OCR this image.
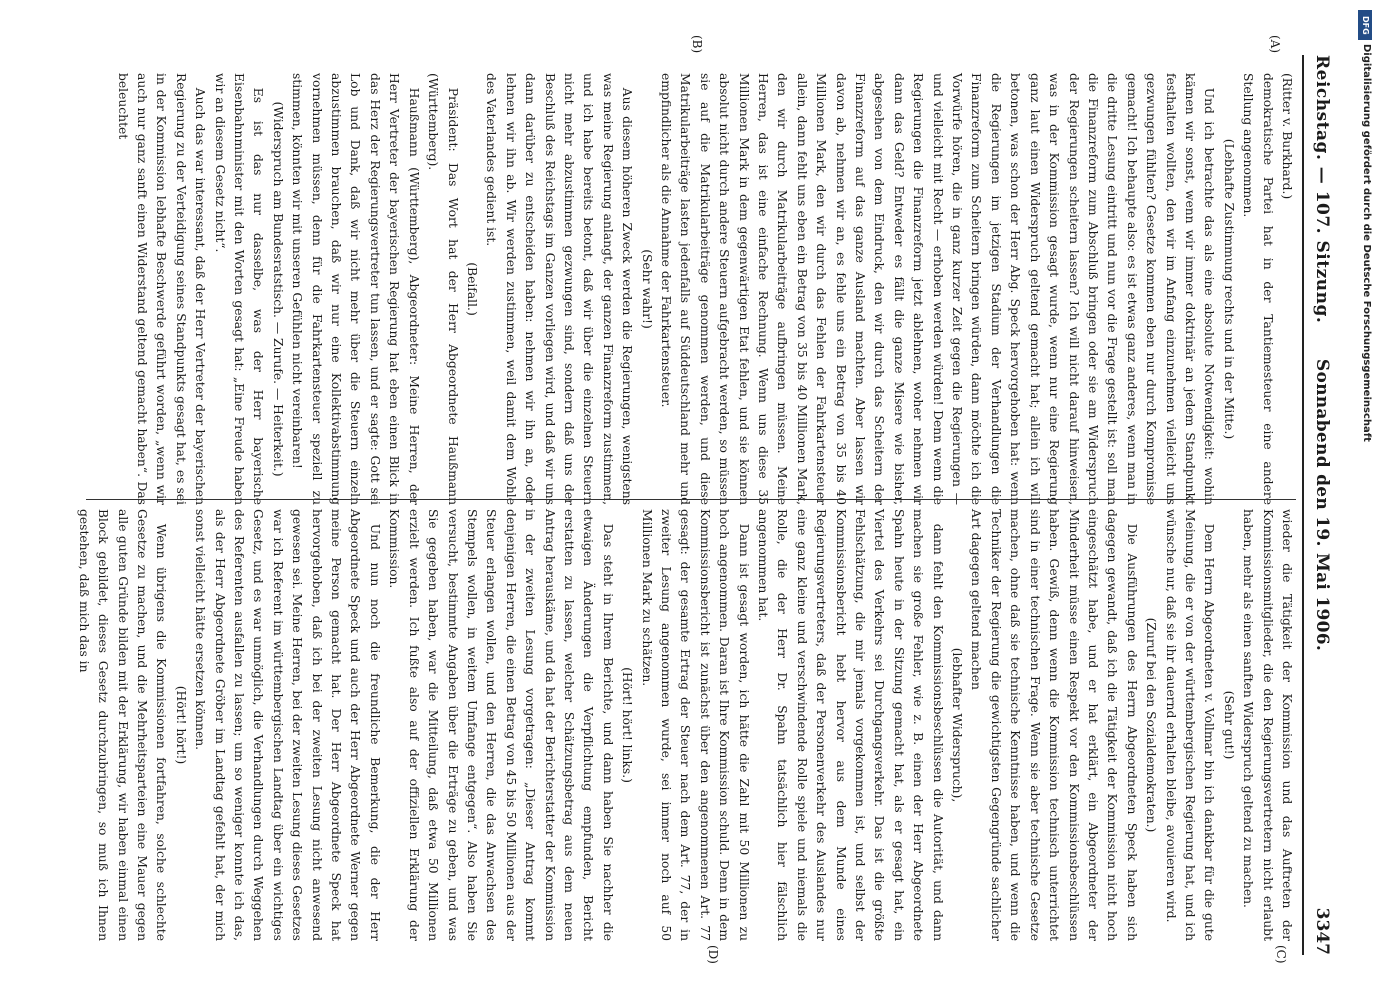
Reichstag. — 107. Sitzung.
Sonnabend den 19. Mai 1906.
3347
(A)
(B)
(C)
(D)

(Ritter v. Burkhard.)

demokratische Partei hat in der Tantiemesteuer eine andere Stellung angenommen.

(Lebhafte Zustimmung rechts und in der Mitte.)

Und ich betrachte das als eine absolute Notwendigkeit: wohin kämen wir sonst, wenn wir immer doktrinär an jedem Standpunkt festhalten wollten, den wir im Anfang einzunehmen vielleicht uns gezwungen fühlten? Gesetze kommen eben nur durch Kompromisse gemacht! Ich behaupte also: es ist etwas ganz anderes, wenn man in die dritte Lesung eintritt und nun vor die Frage gestellt ist: soll man die Finanzreform zum Abschluß bringen oder sie am Widerspruch der Regierungen scheitern lassen? Ich will nicht darauf hinweisen, was in der Kommission gesagt wurde, wenn nur eine Regierung ganz laut einen Widerspruch geltend gemacht hat; allein ich will betonen, was schon der Herr Abg. Speck hervorgehoben hat: wenn die Regierungen im jetzigen Stadium der Verhandlungen die Finanzreform zum Scheitern bringen würden, dann möchte ich die Vorwürfe hören, die in ganz kurzer Zeit gegen die Regierungen — und vielleicht mit Recht — erhoben werden würden! Denn wenn die Regierungen die Finanzreform jetzt ablehnen, woher nehmen wir dann das Geld? Entweder es fällt die ganze Misere wie bisher, abgesehen von dem Eindruck, den wir durch das Scheitern der Finanzreform auf das ganze Ausland machten. Aber lassen wir davon ab, nehmen wir an, es fehle uns ein Betrag von 35 bis 40 Millionen Mark, den wir durch das Fehlen der Fahrkartensteuer allein, dann fehlt uns eben ein Betrag von 35 bis 40 Millionen Mark, den wir durch Matrikularbeiträge aufbringen müssen. Meine Herren, das ist eine einfache Rechnung. Wenn uns diese 35 Millionen Mark in dem gegenwärtigen Etat fehlen, und sie können absolut nicht durch andere Steuern aufgebracht werden, so müssen sie auf die Matrikularbeiträge genommen werden, und diese Matrikularbeiträge lasten jedenfalls auf Süddeutschland mehr und empfindlicher als die Annahme der Fahrkartensteuer.

(Sehr wahr!)

Aus diesem höheren Zweck werden die Regierungen, wenigstens was meine Regierung anlangt, der ganzen Finanzreform zustimmen, und ich habe bereits betont, daß wir über die einzelnen Steuern nicht mehr abzustimmen gezwungen sind, sondern daß uns der Beschluß des Reichstags im Ganzen vorliegen wird, und daß wir uns dann darüber zu entscheiden haben: nehmen wir ihn an, oder lehnen wir ihn ab. Wir werden zustimmen, weil damit dem Wohle des Vaterlandes gedient ist.

(Beifall.)

Präsident: Das Wort hat der Herr Abgeordnete Haußmann (Württemberg).

Haußmann (Württemberg), Abgeordneter: Meine Herren, der Herr Vertreter der bayerischen Regierung hat eben einen Blick in das Herz der Regierungsvertreter tun lassen, und er sagte: Gott sei Lob und Dank, daß wir nicht mehr über die Steuern einzeln abzustimmen brauchen, daß wir nur eine Kollektivabstimmung vornehmen müssen, denn für die Fahrkartensteuer speziell zu stimmen, könnten wir mit unseren Gefühlen nicht vereinbaren!

(Widerspruch am Bundesratstisch. — Zurufe. — Heiterkeit.)

Es ist das nur dasselbe, was der Herr bayerische Eisenbahnminister mit den Worten gesagt hat: „Eine Freude haben wir an diesem Gesetz nicht“.

Auch das war interessant, daß der Herr Vertreter der bayerischen Regierung zu der Verteidigung seines Standpunkts gesagt hat, es sei in der Kommission lebhafte Beschwerde geführt worden, „wenn wir auch nur ganz sanft einen Widerstand geltend gemacht haben“. Das beleuchtet

wieder die Tätigkeit der Kommission und das Auftreten der Kommissionsmitglieder, die den Regierungsvertretern nicht erlaubt haben, mehr als einen sanften Widerspruch geltend zu machen.

(Sehr gut!)

Dem Herrn Abgeordneten v. Vollmar bin ich dankbar für die gute Meinung, die er von der württembergischen Regierung hat, und ich wünsche nur, daß sie ihr dauernd erhalten bleibe, avouieren wird.

(Zuruf bei den Sozialdemokraten.)

Die Ausführungen des Herrn Abgeordneten Speck haben sich dagegen gewandt, daß ich die Tätigkeit der Kommission nicht hoch eingeschätzt habe, und er hat erklärt, ein Abgeordneter der Minderheit müsse einen Respekt vor den Kommissionsbeschlüssen haben. Gewiß, denn wenn die Kommission technisch unterrichtet sind in einer technischen Frage. Wenn sie aber technische Gesetze machen, ohne daß sie technische Kenntnisse haben, und wenn die Techniker der Regierung die gewichtigsten Gegengründe sachlicher Art dagegen geltend machen

(lebhafter Widerspruch),

dann fehlt den Kommissionsbeschlüssen die Autorität, und dann machen sie große Fehler, wie z. B. einen der Herr Abgeordnete Spahn heute in der Sitzung gemacht hat, als er gesagt hat, ein Viertel des Verkehrs sei Durchgangsverkehr. Das ist die größte Fehlschätzung, die mir jemals vorgekommen ist, und selbst der Kommissionsbericht hebt hervor aus dem Munde eines Regierungsvertreters, daß der Personenverkehr des Auslandes nur eine ganz kleine und verschwindende Rolle spiele und niemals die Rolle, die der Herr Dr. Spahn tatsächlich hier fälschlich angenommen hat.

Dann ist gesagt worden, ich hätte die Zahl mit 50 Millionen zu hoch angenommen. Daran ist Ihre Kommission schuld. Denn in dem Kommissionsbericht ist zunächst über den angenommenen Art. 77 gesagt: der gesamte Ertrag der Steuer nach dem Art. 77, der in zweiter Lesung angenommen wurde, sei immer noch auf 50 Millionen Mark zu schätzen.

(Hört! hört! links.)

Das steht in Ihrem Berichte, und dann haben Sie nachher die etwaigen Änderungen die Verpflichtung empfunden, Bericht erstatten zu lassen, welcher Schätzungsbetrag aus dem neuen Antrag herauskäme, und da hat der Berichterstatter der Kommission in der zweiten Lesung vorgetragen: „Dieser Antrag kommt denjenigen Herren, die einen Betrag von 45 bis 50 Millionen aus der Steuer erlangen wollen, und den Herren, die das Anwachsen des Stempels wollen, in weitem Umfange entgegen“. Also haben Sie versucht, bestimmte Angaben über die Erträge zu geben, und was Sie gegeben haben, war die Mitteilung, daß etwa 50 Millionen erzielt werden. Ich fußte also auf der offiziellen Erklärung der Kommission.

Und nun noch die freundliche Bemerkung, die der Herr Abgeordnete Speck und auch der Herr Abgeordnete Werner gegen meine Person gemacht hat. Der Herr Abgeordnete Speck hat hervorgehoben, daß ich bei der zweiten Lesung nicht anwesend gewesen sei. Meine Herren, bei der zweiten Lesung dieses Gesetzes war ich Referent im württembergischen Landtag über ein wichtiges Gesetz, und es war unmöglich, die Verhandlungen durch Weggehen des Referenten ausfallen zu lassen; um so weniger konnte ich das, als der Herr Abgeordnete Gröber im Landtag gefehlt hat, der mich sonst vielleicht hätte ersetzen können.

(Hört! hört!)

Wenn übrigens die Kommissionen fortfahren, solche schlechte Gesetze zu machen, und die Mehrheitsparteien eine Mauer gegen alle guten Gründe bilden mit der Erklärung, wir haben einmal einen Block gebildet, dieses Gesetz durchzubringen, so muß ich Ihnen gestehen, daß mich das in

DFG
Digitalisierung gefördert durch die Deutsche Forschungsgemeinschaft
